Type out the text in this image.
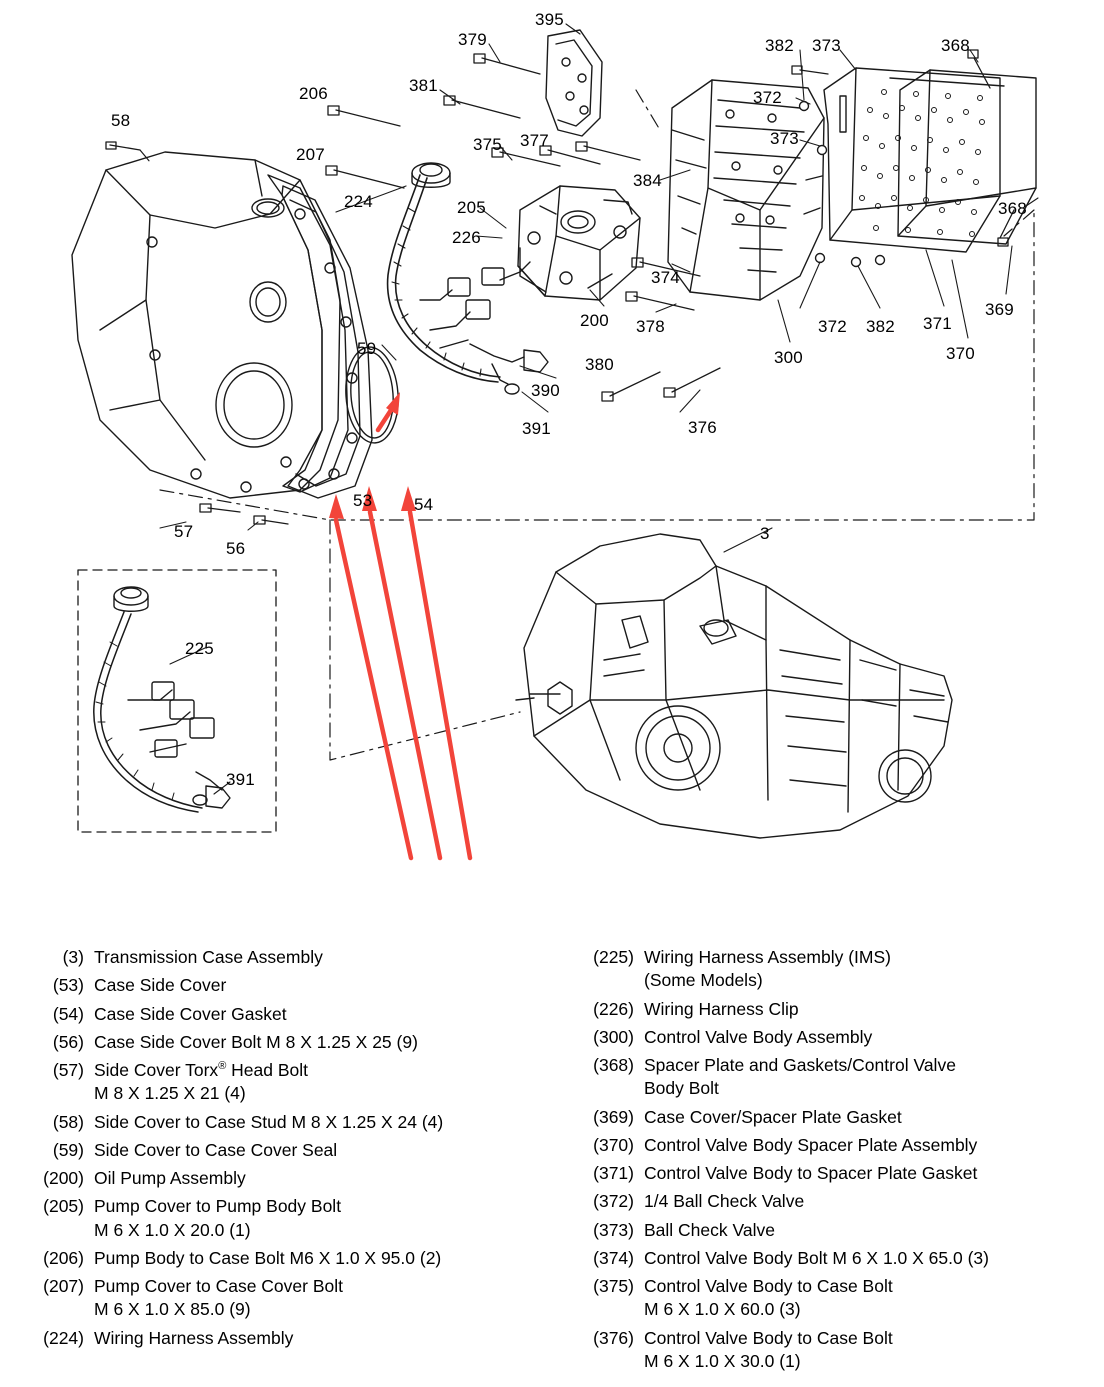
58
206
207
381
379
395
375 377
384
382 373	368
372
373
368
224	205
226
200
374
378
380
376
300
372 382 371
370
369
59
390
391
53 54
57
56
3
225
391
(3) Transmission Case Assembly
(53) Case Side Cover
(54) Case Side Cover Gasket
(56) Case Side Cover Bolt M 8 X 1.25 X 25 (9)
(57) Side Cover Torx® Head Bolt
M 8 X 1.25 X 21 (4)
(58) Side Cover to Case Stud M 8 X 1.25 X 24 (4)
(59) Side Cover to Case Cover Seal
(200) Oil Pump Assembly
(205) Pump Cover to Pump Body Bolt
M 6 X 1.0 X 20.0 (1)
(206) Pump Body to Case Bolt M6 X 1.0 X 95.0 (2)
(207) Pump Cover to Case Cover Bolt
M 6 X 1.0 X 85.0 (9)
(224) Wiring Harness Assembly
(225) Wiring Harness Assembly (IMS)
(Some Models)
(226) Wiring Harness Clip
(300) Control Valve Body Assembly
(368) Spacer Plate and Gaskets/Control Valve
Body Bolt
(369) Case Cover/Spacer Plate Gasket
(370) Control Valve Body Spacer Plate Assembly
(371) Control Valve Body to Spacer Plate Gasket
(372) 1/4 Ball Check Valve
(373) Ball Check Valve
(374) Control Valve Body Bolt M 6 X 1.0 X 65.0 (3)
(375) Control Valve Body to Case Bolt
M 6 X 1.0 X 60.0 (3)
(376) Control Valve Body to Case Bolt
M 6 X 1.0 X 30.0 (1)
